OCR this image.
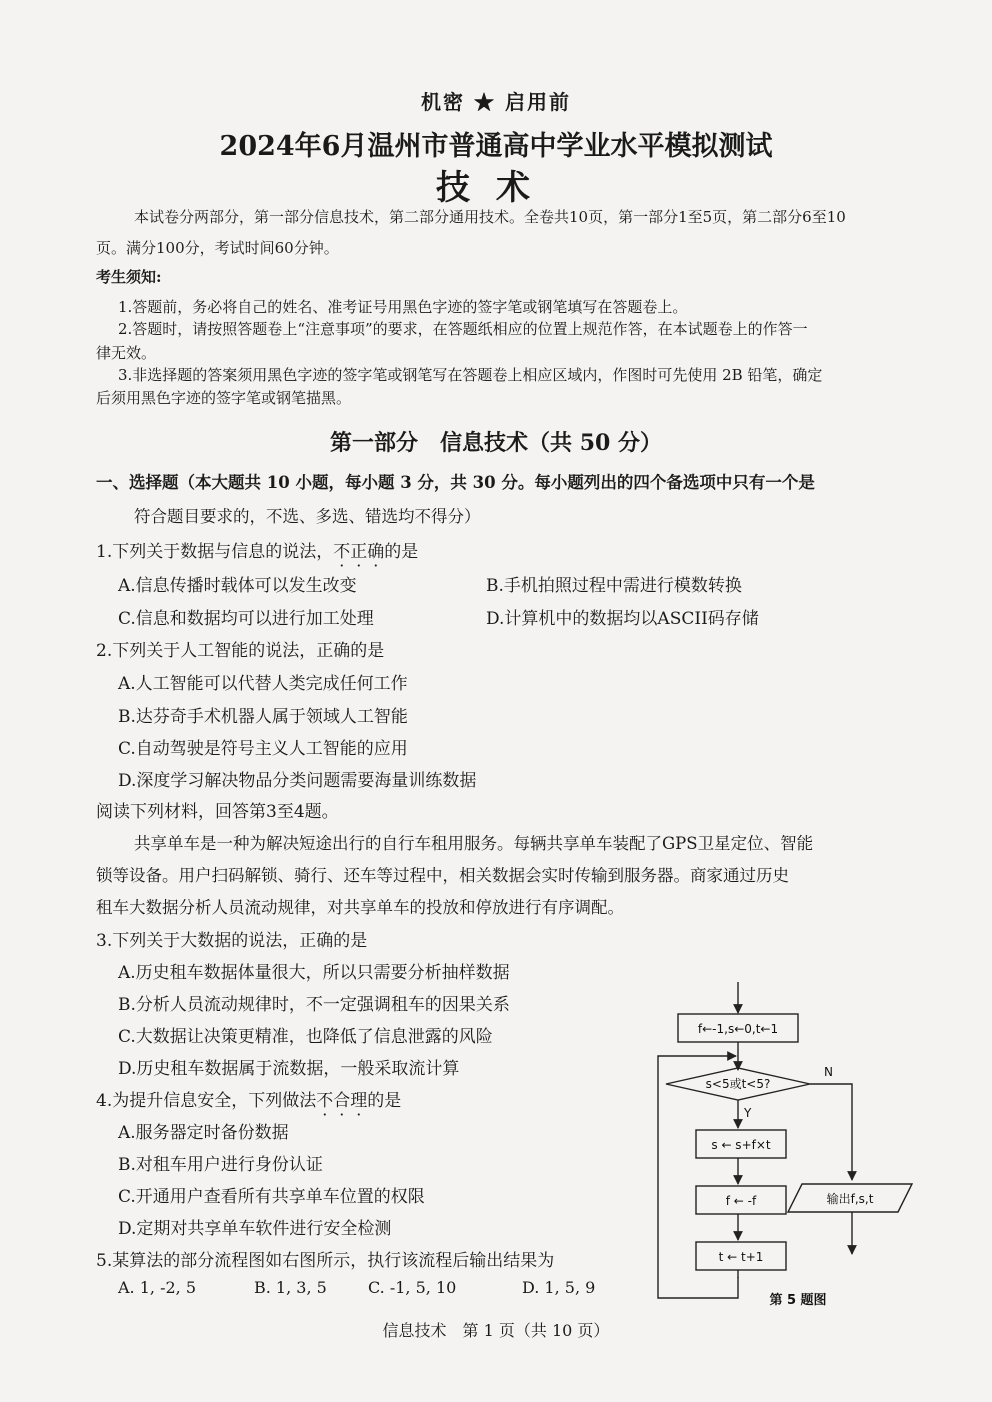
机密 ★ 启用前
2024年6月温州市普通高中学业水平模拟测试
技术
本试卷分两部分，第一部分信息技术，第二部分通用技术。全卷共10页，第一部分1至5页，第二部分6至10
页。满分100分，考试时间60分钟。
考生须知:
1.答题前，务必将自己的姓名、准考证号用黑色字迹的签字笔或钢笔填写在答题卷上。
2.答题时，请按照答题卷上“注意事项”的要求，在答题纸相应的位置上规范作答，在本试题卷上的作答一
律无效。
3.非选择题的答案须用黑色字迹的签字笔或钢笔写在答题卷上相应区域内，作图时可先使用 2B 铅笔，确定
后须用黑色字迹的签字笔或钢笔描黑。
第一部分　信息技术（共 50 分）
一、选择题（本大题共 10 小题，每小题 3 分，共 30 分。每小题列出的四个备选项中只有一个是
符合题目要求的，不选、多选、错选均不得分）
1.下列关于数据与信息的说法，不正确的是
A.信息传播时载体可以发生改变	B.手机拍照过程中需进行模数转换
C.信息和数据均可以进行加工处理	D.计算机中的数据均以ASCII码存储
2.下列关于人工智能的说法，正确的是
A.人工智能可以代替人类完成任何工作
B.达芬奇手术机器人属于领域人工智能
C.自动驾驶是符号主义人工智能的应用
D.深度学习解决物品分类问题需要海量训练数据
阅读下列材料，回答第3至4题。
共享单车是一种为解决短途出行的自行车租用服务。每辆共享单车装配了GPS卫星定位、智能
锁等设备。用户扫码解锁、骑行、还车等过程中，相关数据会实时传输到服务器。商家通过历史
租车大数据分析人员流动规律，对共享单车的投放和停放进行有序调配。
3.下列关于大数据的说法，正确的是
A.历史租车数据体量很大，所以只需要分析抽样数据
B.分析人员流动规律时，不一定强调租车的因果关系
C.大数据让决策更精准，也降低了信息泄露的风险
D.历史租车数据属于流数据，一般采取流计算
4.为提升信息安全，下列做法不合理的是
A.服务器定时备份数据
B.对租车用户进行身份认证
C.开通用户查看所有共享单车位置的权限
D.定期对共享单车软件进行安全检测
5.某算法的部分流程图如右图所示，执行该流程后输出结果为
A. 1, -2, 5	B. 1, 3, 5	C. -1, 5, 10	D. 1, 5, 9
f←-1,s←0,t←1
s<5或t<5?
Y
N
s ← s+f×t
f ← -f
t ← t+1
输出f,s,t
第 5 题图
信息技术　第 1 页（共 10 页）
